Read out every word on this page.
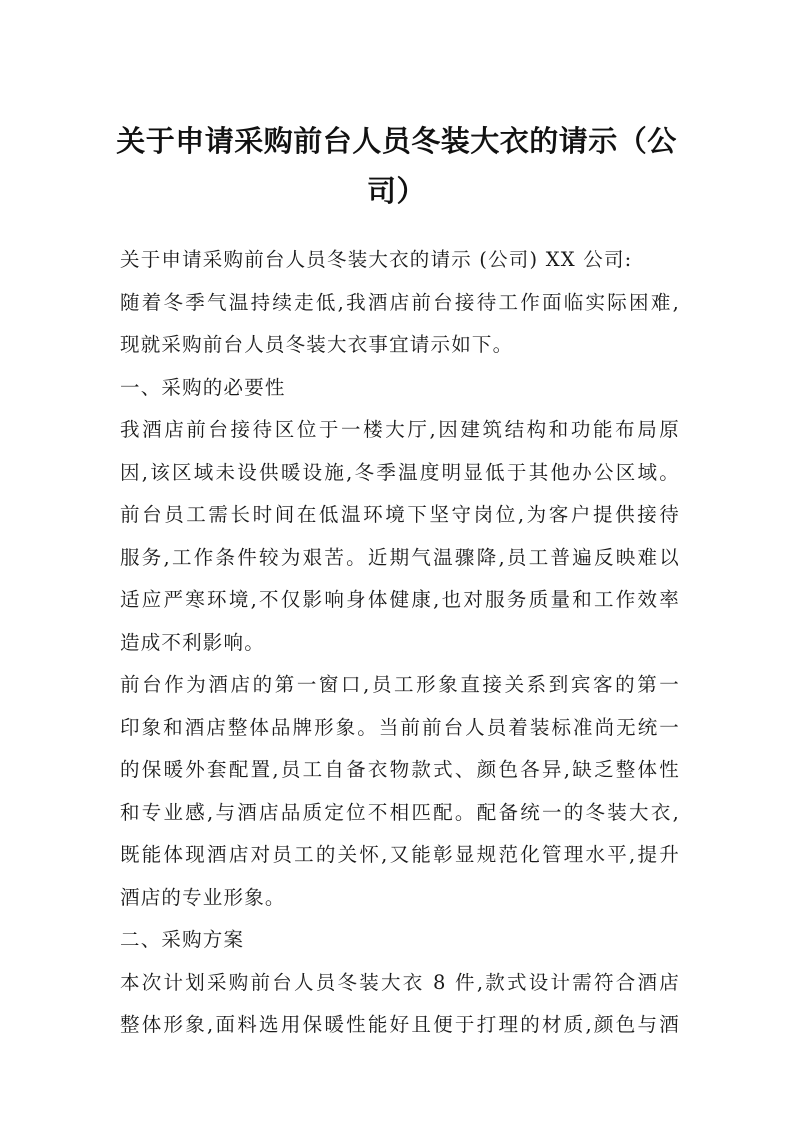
关于申请采购前台人员冬装大衣的请示（公
司）
关于申请采购前台人员冬装大衣的请示 (公司) XX 公司:
随着冬季气温持续走低,我酒店前台接待工作面临实际困难,
现就采购前台人员冬装大衣事宜请示如下。
一、采购的必要性
我酒店前台接待区位于一楼大厅,因建筑结构和功能布局原
因,该区域未设供暖设施,冬季温度明显低于其他办公区域。
前台员工需长时间在低温环境下坚守岗位,为客户提供接待
服务,工作条件较为艰苦。近期气温骤降,员工普遍反映难以
适应严寒环境,不仅影响身体健康,也对服务质量和工作效率
造成不利影响。
前台作为酒店的第一窗口,员工形象直接关系到宾客的第一
印象和酒店整体品牌形象。当前前台人员着装标准尚无统一
的保暖外套配置,员工自备衣物款式、颜色各异,缺乏整体性
和专业感,与酒店品质定位不相匹配。配备统一的冬装大衣,
既能体现酒店对员工的关怀,又能彰显规范化管理水平,提升
酒店的专业形象。
二、采购方案
本次计划采购前台人员冬装大衣 8 件,款式设计需符合酒店
整体形象,面料选用保暖性能好且便于打理的材质,颜色与酒
